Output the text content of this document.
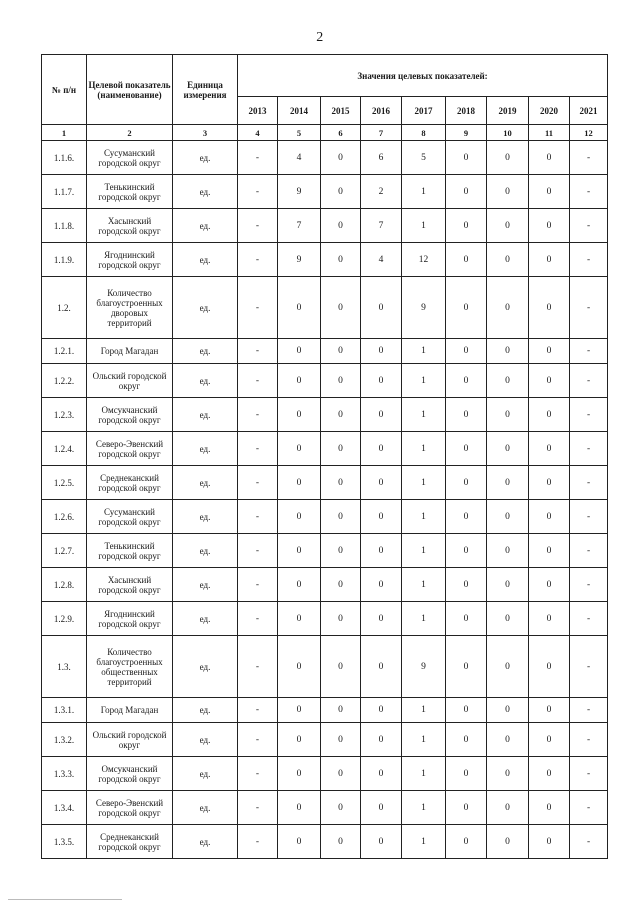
2
№ п/н	Целевой показатель (наименование)	Единица измерения	Значения целевых показателей:								
			2013	2014	2015	2016	2017	2018	2019	2020	2021
1	2	3	4	5	6	7	8	9	10	11	12
1.1.6.	Сусуманский городской округ	ед.	-	4	0	6	5	0	0	0	-
1.1.7.	Тенькинский городской округ	ед.	-	9	0	2	1	0	0	0	-
1.1.8.	Хасынский городской округ	ед.	-	7	0	7	1	0	0	0	-
1.1.9.	Ягоднинский городской округ	ед.	-	9	0	4	12	0	0	0	-
1.2.	Количество благоустроенных дворовых территорий	ед.	-	0	0	0	9	0	0	0	-
1.2.1.	Город Магадан	ед.	-	0	0	0	1	0	0	0	-
1.2.2.	Ольский городской округ	ед.	-	0	0	0	1	0	0	0	-
1.2.3.	Омсукчанский городской округ	ед.	-	0	0	0	1	0	0	0	-
1.2.4.	Северо-Эвенский городской округ	ед.	-	0	0	0	1	0	0	0	-
1.2.5.	Среднеканский городской округ	ед.	-	0	0	0	1	0	0	0	-
1.2.6.	Сусуманский городской округ	ед.	-	0	0	0	1	0	0	0	-
1.2.7.	Тенькинский городской округ	ед.	-	0	0	0	1	0	0	0	-
1.2.8.	Хасынский городской округ	ед.	-	0	0	0	1	0	0	0	-
1.2.9.	Ягоднинский городской округ	ед.	-	0	0	0	1	0	0	0	-
1.3.	Количество благоустроенных общественных территорий	ед.	-	0	0	0	9	0	0	0	-
1.3.1.	Город Магадан	ед.	-	0	0	0	1	0	0	0	-
1.3.2.	Ольский городской округ	ед.	-	0	0	0	1	0	0	0	-
1.3.3.	Омсукчанский городской округ	ед.	-	0	0	0	1	0	0	0	-
1.3.4.	Северо-Эвенский городской округ	ед.	-	0	0	0	1	0	0	0	-
1.3.5.	Среднеканский городской округ	ед.	-	0	0	0	1	0	0	0	-
